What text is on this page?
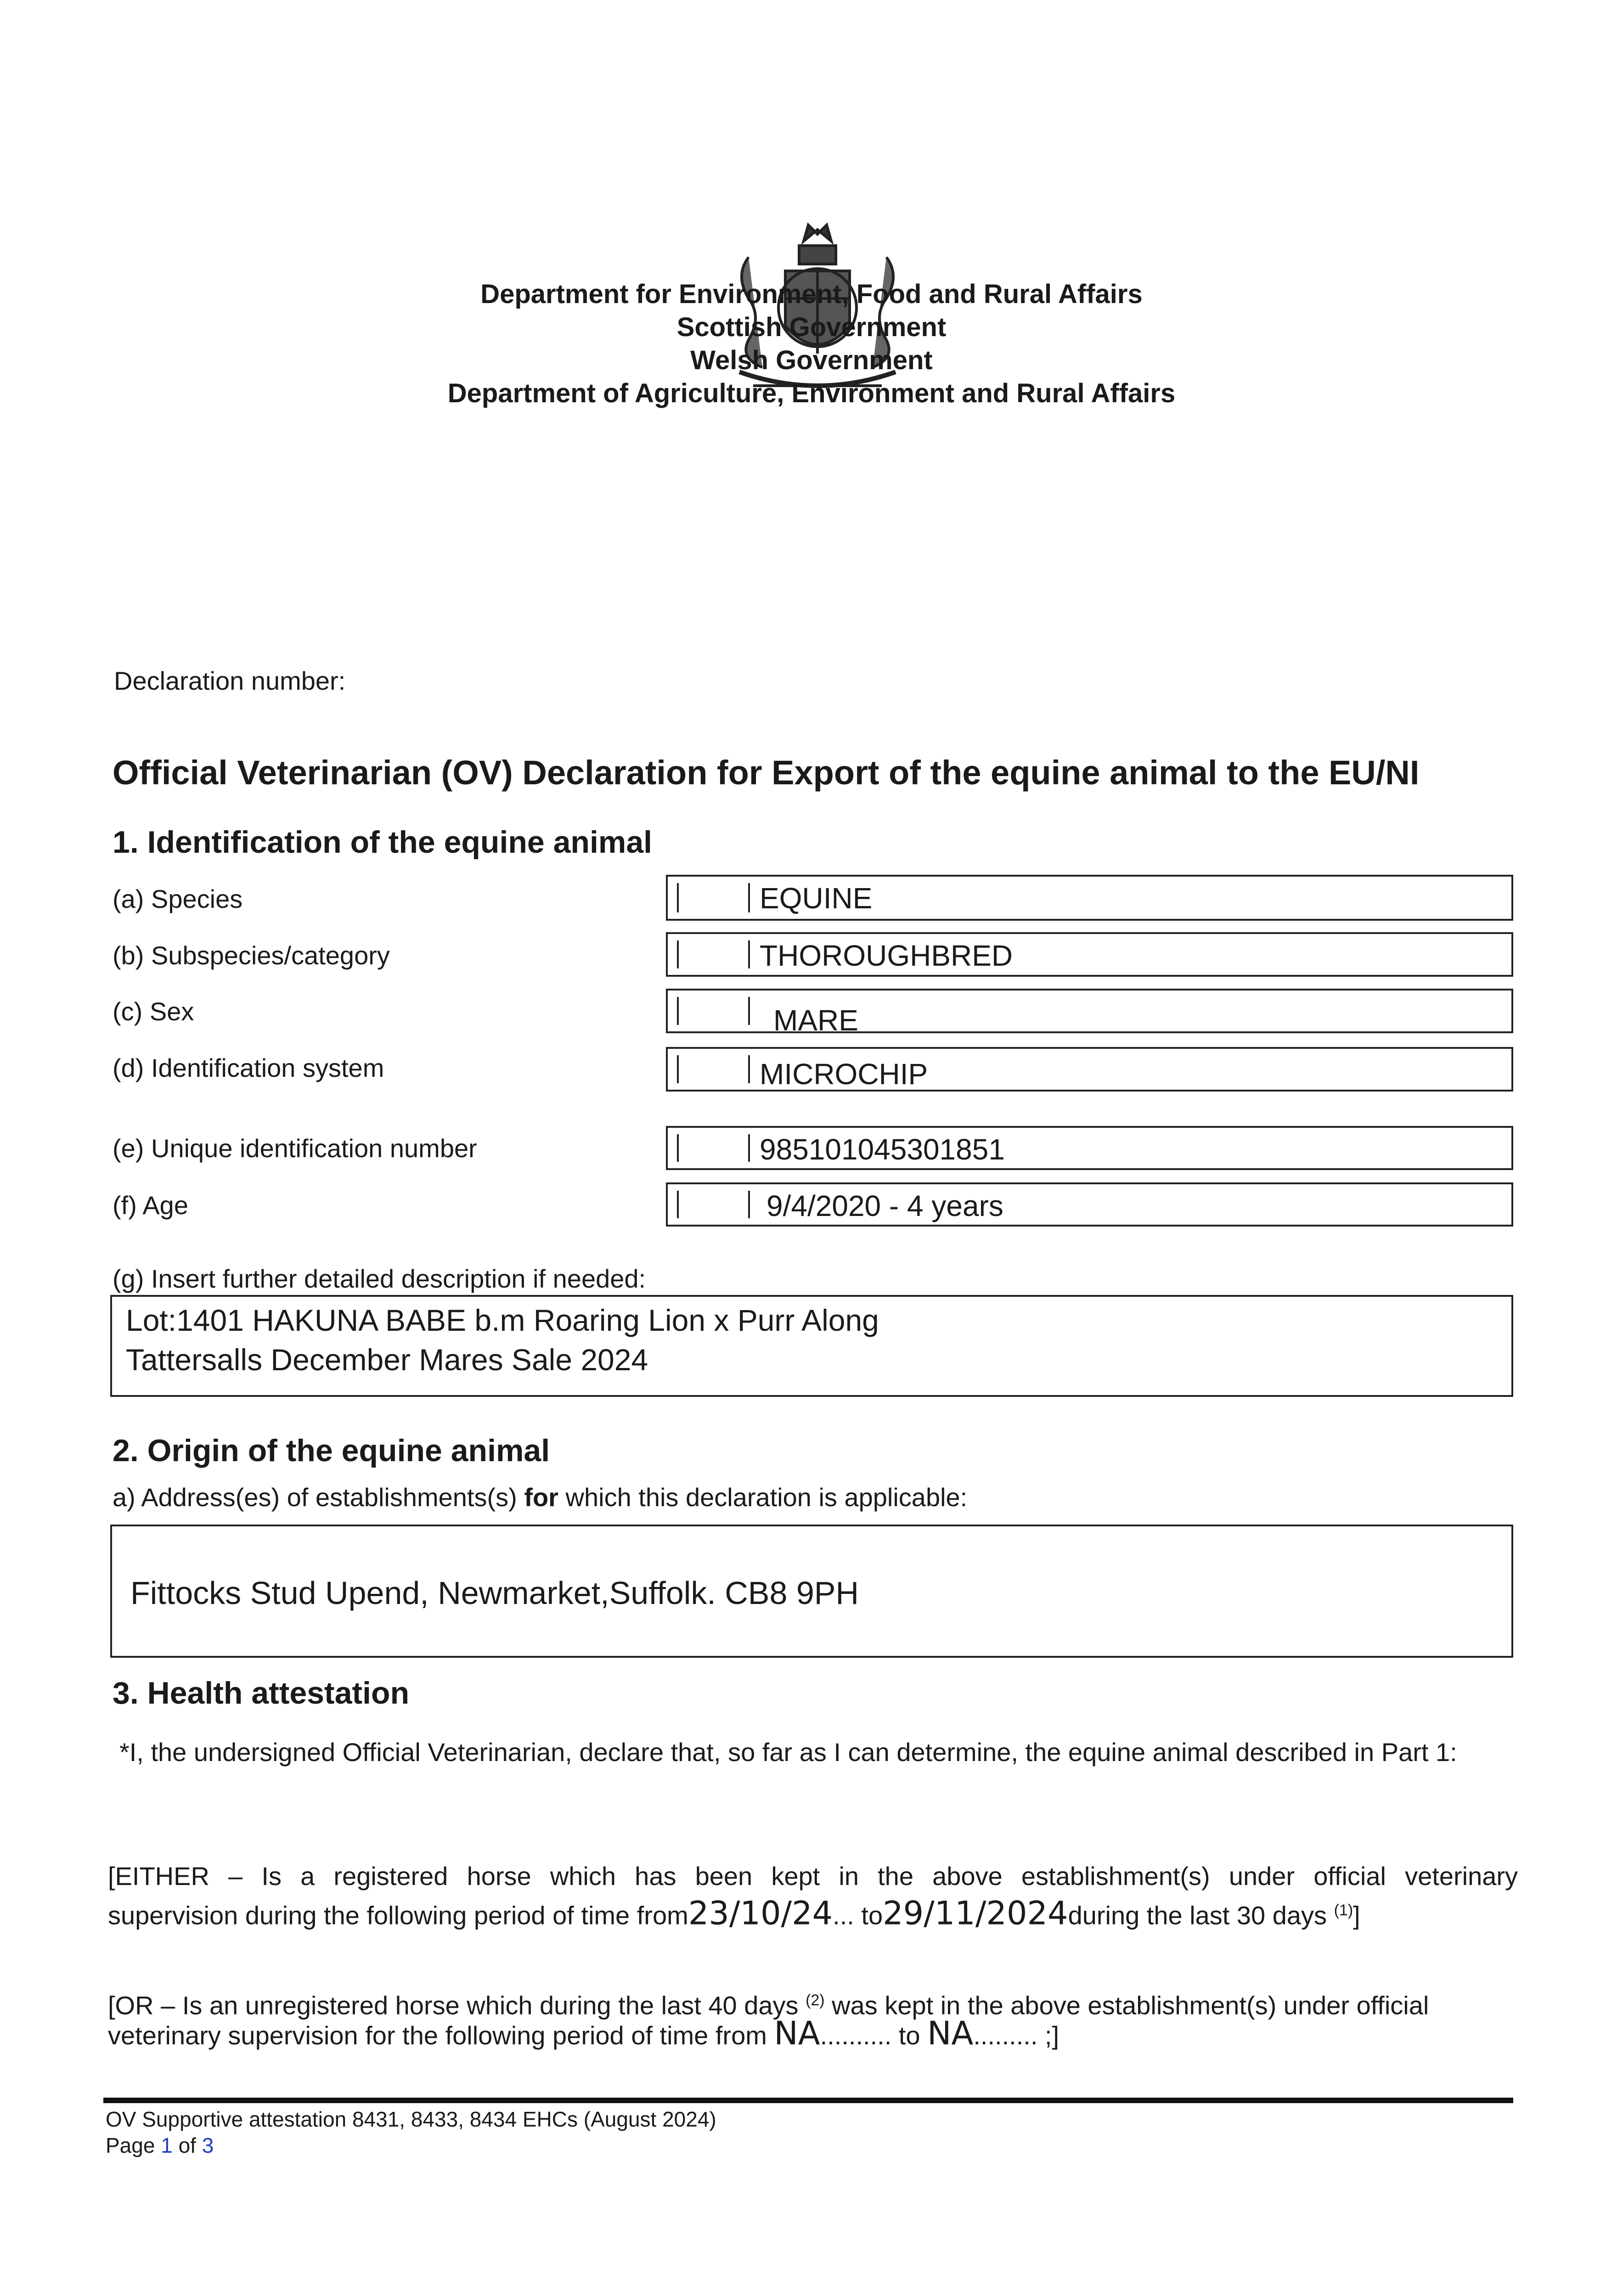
Department for Environment, Food and Rural Affairs
Scottish Government
Welsh Government
Department of Agriculture, Environment and Rural Affairs
Declaration number:
Official Veterinarian (OV) Declaration for Export of the equine animal to the EU/NI
1. Identification of the equine animal
(a) Species	EQUINE
(b) Subspecies/category	THOROUGHBRED
(c) Sex	MARE
(d) Identification system	MICROCHIP
(e) Unique identification number	985101045301851
(f) Age	9/4/2020 - 4 years
(g) Insert further detailed description if needed:
Lot:1401 HAKUNA BABE b.m Roaring Lion x Purr Along
Tattersalls December Mares Sale 2024
2. Origin of the equine animal
a) Address(es) of establishments(s) for which this declaration is applicable:
Fittocks Stud Upend, Newmarket,Suffolk. CB8 9PH
3. Health attestation
*I, the undersigned Official Veterinarian, declare that, so far as I can determine, the equine animal described in Part 1:
[EITHER – Is a registered horse which has been kept in the above establishment(s) under official veterinary
supervision during the following period of time from23/10/24... to29/11/2024during the last 30 days $^{(1)}$]
[OR – Is an unregistered horse which during the last 40 days $^{(2)}$ was kept in the above establishment(s) under official
veterinary supervision for the following period of time from NA.......... to NA......... ;]
OV Supportive attestation 8431, 8433, 8434 EHCs (August 2024)
Page 1 of 3
